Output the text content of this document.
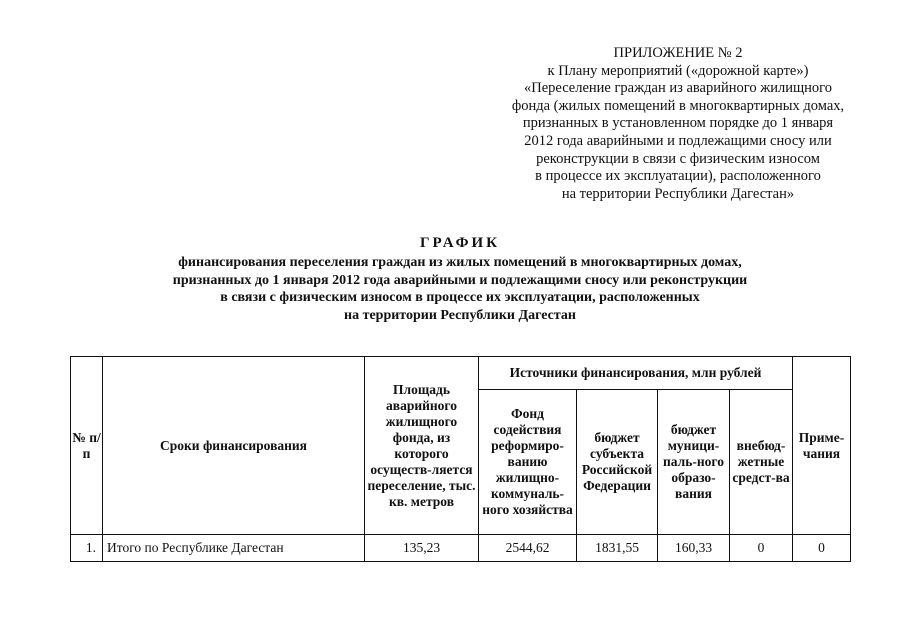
ПРИЛОЖЕНИЕ № 2
к Плану мероприятий («дорожной карте»)
«Переселение граждан из аварийного жилищного
фонда (жилых помещений в многоквартирных домах,
признанных в установленном порядке до 1 января
2012 года аварийными и подлежащими сносу или
реконструкции в связи с физическим износом
в процессе их эксплуатации), расположенного
на территории Республики Дагестан»
ГРАФИК
финансирования переселения граждан из жилых помещений в многоквартирных домах,
признанных до 1 января 2012 года аварийными и подлежащими сносу или реконструкции
в связи с физическим износом в процессе их эксплуатации, расположенных
на территории Республики Дагестан
№ п/п	Сроки финансирования	Площадь аварийного жилищного фонда, из которого осуществ-ляется переселение, тыс. кв. метров	Источники финансирования, млн рублей				Приме-чания
			Фонд содействия реформиро-ванию жилищно-коммуналь-ного хозяйства	бюджет субъекта Российской Федерации	бюджет муници-паль-ного образо-вания	внебюд-жетные средст-ва	
1.	Итого по Республике Дагестан	135,23	2544,62	1831,55	160,33	0	0
